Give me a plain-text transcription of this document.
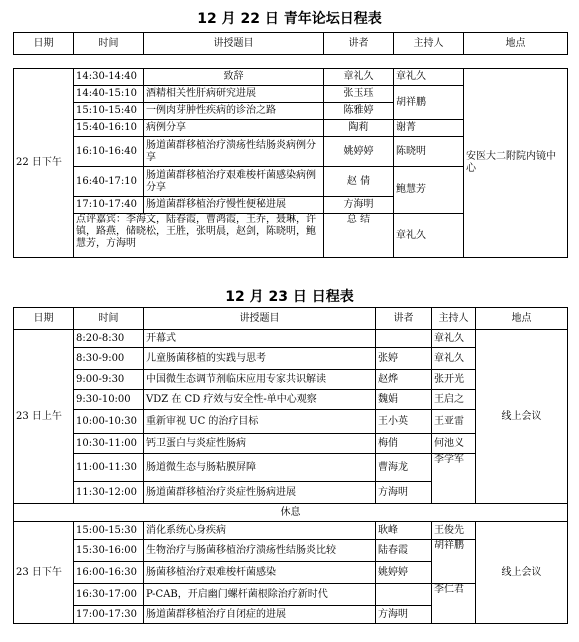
12 月 22 日 青年论坛日程表
日期	时间	讲授题目	讲者	主持人	地点

22 日下午	14:30-14:40	致辞	章礼久	章礼久	安医大二附院内镜中心
	14:40-15:10	酒精相关性肝病研究进展	张玉珏	胡祥鹏	
	15:10-15:40	一例肉芽肿性疾病的诊治之路	陈雅婷		
	15:40-16:10	病例分享	陶莉	谢菁	
	16:10-16:40	肠道菌群移植治疗溃疡性结肠炎病例分享	姚婷婷	陈晓明	
	16:40-17:10	肠道菌群移植治疗艰难梭杆菌感染病例分享	赵 倩	鲍慧芳	
	17:10-17:40	肠道菌群移植治疗慢性便秘进展	方海明		
	点评嘉宾：李海文，陆春霞，曹鸿霞，王乔，聂琳，许镇，路燕，储晓松，王胜，张明晨，赵剑，陈晓明，鲍慧芳，方海明		总 结	章礼久	
12 月 23 日 日程表
日期	时间	讲授题目	讲者	主持人	地点
23 日上午	8:20-8:30	开幕式		章礼久	线上会议
	8:30-9:00	儿童肠菌移植的实践与思考	张婷	章礼久	
	9:00-9:30	中国微生态调节剂临床应用专家共识解读	赵烨	张开光	
	9:30-10:00	VDZ 在 CD 疗效与安全性-单中心观察	魏娟	王启之	
	10:00-10:30	重新审视 UC 的治疗目标	王小英	王亚雷	
	10:30-11:00	钙卫蛋白与炎症性肠病	梅俏	何池义	
	11:00-11:30	肠道微生态与肠粘膜屏障	曹海龙	李学军	
	11:30-12:00	肠道菌群移植治疗炎症性肠病进展	方海明		
休息					
23 日下午	15:00-15:30	消化系统心身疾病	耿峰	王俊先	线上会议
	15:30-16:00	生物治疗与肠菌移植治疗溃疡性结肠炎比较	陆春霞	胡祥鹏	
	16:00-16:30	肠菌移植治疗艰难梭杆菌感染	姚婷婷		
	16:30-17:00	P-CAB，开启幽门螺杆菌根除治疗新时代		李仁君	
	17:00-17:30	肠道菌群移植治疗自闭症的进展	方海明		
